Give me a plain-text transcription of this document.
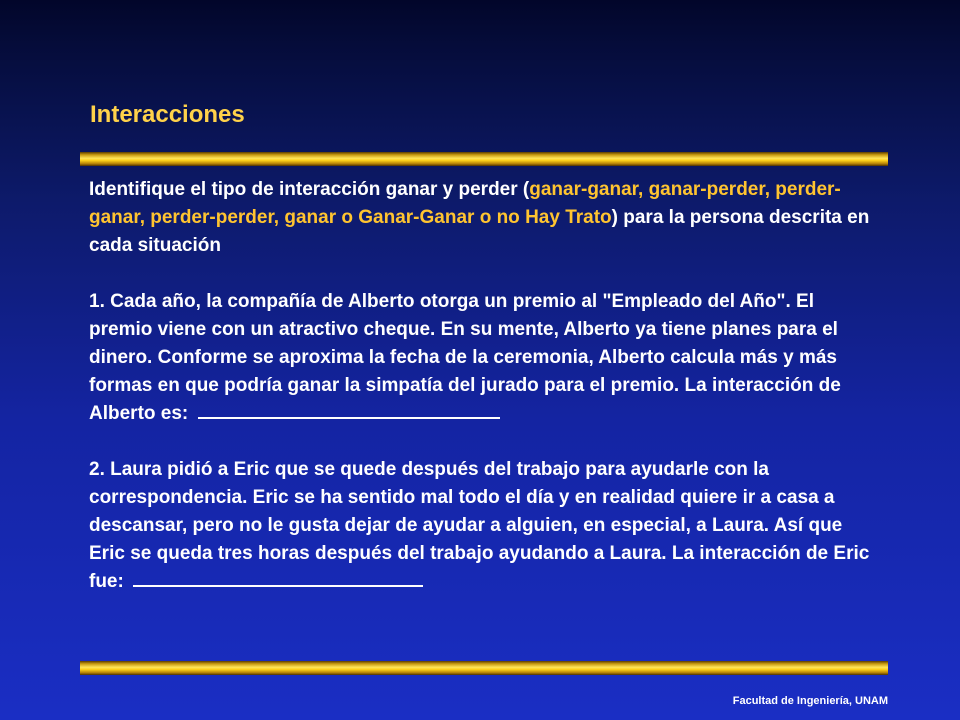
Interacciones

Identifique el tipo de interacción ganar y perder (ganar-ganar, ganar-perder, perder-ganar, perder-perder, ganar o Ganar-Ganar o no Hay Trato) para la persona descrita en cada situación

1. Cada año, la compañía de Alberto otorga un premio al "Empleado del Año". El premio viene con un atractivo cheque. En su mente, Alberto ya tiene planes para el dinero. Conforme se aproxima la fecha de la ceremonia, Alberto calcula más y más formas en que podría ganar la simpatía del jurado para el premio. La interacción de Alberto es:

2. Laura pidió a Eric que se quede después del trabajo para ayudarle con la correspondencia. Eric se ha sentido mal todo el día y en realidad quiere ir a casa a descansar, pero no le gusta dejar de ayudar a alguien, en especial, a Laura. Así que Eric se queda tres horas después del trabajo ayudando a Laura. La interacción de Eric fue:

Facultad de Ingeniería, UNAM
